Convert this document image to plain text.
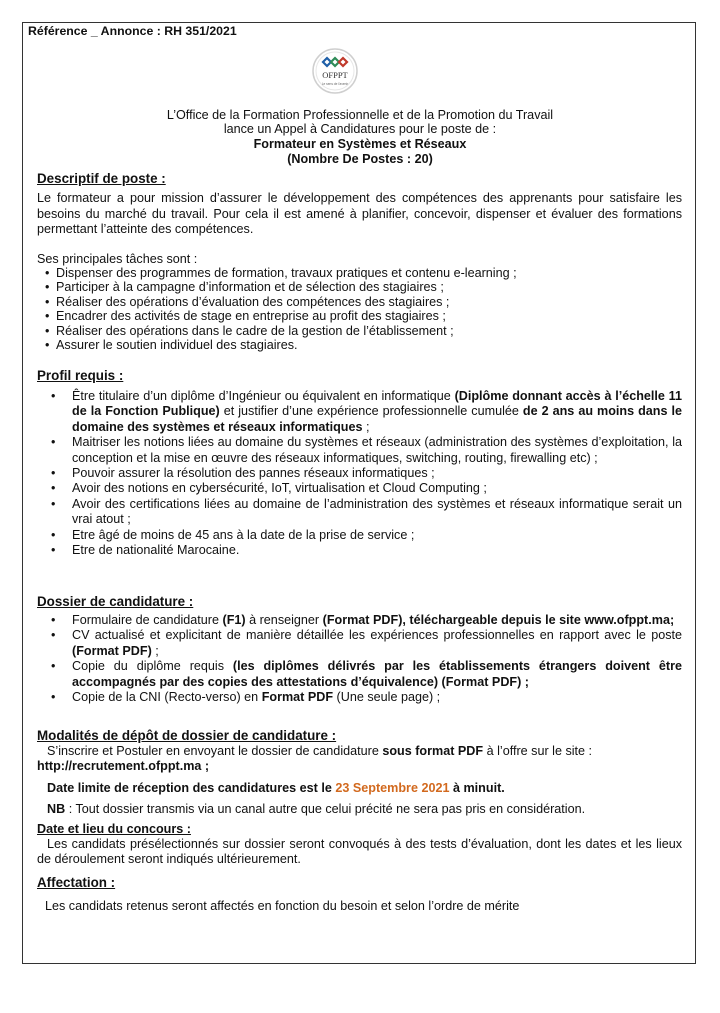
Référence _ Annonce : RH 351/2021
OFPPT
Le sens de l'avenir
L’Office de la Formation Professionnelle et de la Promotion du Travail
lance un Appel à Candidatures pour le poste de :
Formateur en Systèmes et Réseaux
(Nombre De Postes : 20)
Descriptif de poste :
Le formateur a pour mission d’assurer le développement des compétences des apprenants pour satisfaire les besoins du marché du travail. Pour cela il est amené à planifier, concevoir, dispenser et évaluer des formations permettant l’atteinte des compétences.
Ses principales tâches sont :
• Dispenser des programmes de formation, travaux pratiques et contenu e-learning ;
• Participer à la campagne d’information et de sélection des stagiaires ;
• Réaliser des opérations d’évaluation des compétences des stagiaires ;
• Encadrer des activités de stage en entreprise au profit des stagiaires ;
• Réaliser des opérations dans le cadre de la gestion de l’établissement ;
• Assurer le soutien individuel des stagiaires.
Profil requis :
• Être titulaire d’un diplôme d’Ingénieur ou équivalent en informatique (Diplôme donnant accès à l’échelle 11 de la Fonction Publique) et justifier d’une expérience professionnelle cumulée de 2 ans au moins dans le domaine des systèmes et réseaux informatiques ;
• Maitriser les notions liées au domaine du systèmes et réseaux (administration des systèmes d’exploitation, la conception et la mise en œuvre des réseaux informatiques, switching, routing, firewalling etc) ;
• Pouvoir assurer la résolution des pannes réseaux informatiques ;
• Avoir des notions en cybersécurité, IoT, virtualisation et Cloud Computing ;
• Avoir des certifications liées au domaine de l’administration des systèmes et réseaux informatique serait un vrai atout ;
• Etre âgé de moins de 45 ans à la date de la prise de service ;
• Etre de nationalité Marocaine.
Dossier de candidature :
• Formulaire de candidature (F1) à renseigner (Format PDF), téléchargeable depuis le site www.ofppt.ma;
• CV actualisé et explicitant de manière détaillée les expériences professionnelles en rapport avec le poste (Format PDF) ;
• Copie du diplôme requis (les diplômes délivrés par les établissements étrangers doivent être accompagnés par des copies des attestations d’équivalence) (Format PDF) ;
• Copie de la CNI (Recto-verso) en Format PDF (Une seule page) ;
Modalités de dépôt de dossier de candidature :
S’inscrire et Postuler en envoyant le dossier de candidature sous format PDF à l’offre sur le site :
http://recrutement.ofppt.ma ;
Date limite de réception des candidatures est le 23 Septembre 2021 à minuit.
NB : Tout dossier transmis via un canal autre que celui précité ne sera pas pris en considération.
Date et lieu du concours :
Les candidats présélectionnés sur dossier seront convoqués à des tests d’évaluation, dont les dates et les lieux de déroulement seront indiqués ultérieurement.
Affectation :
Les candidats retenus seront affectés en fonction du besoin et selon l’ordre de mérite
